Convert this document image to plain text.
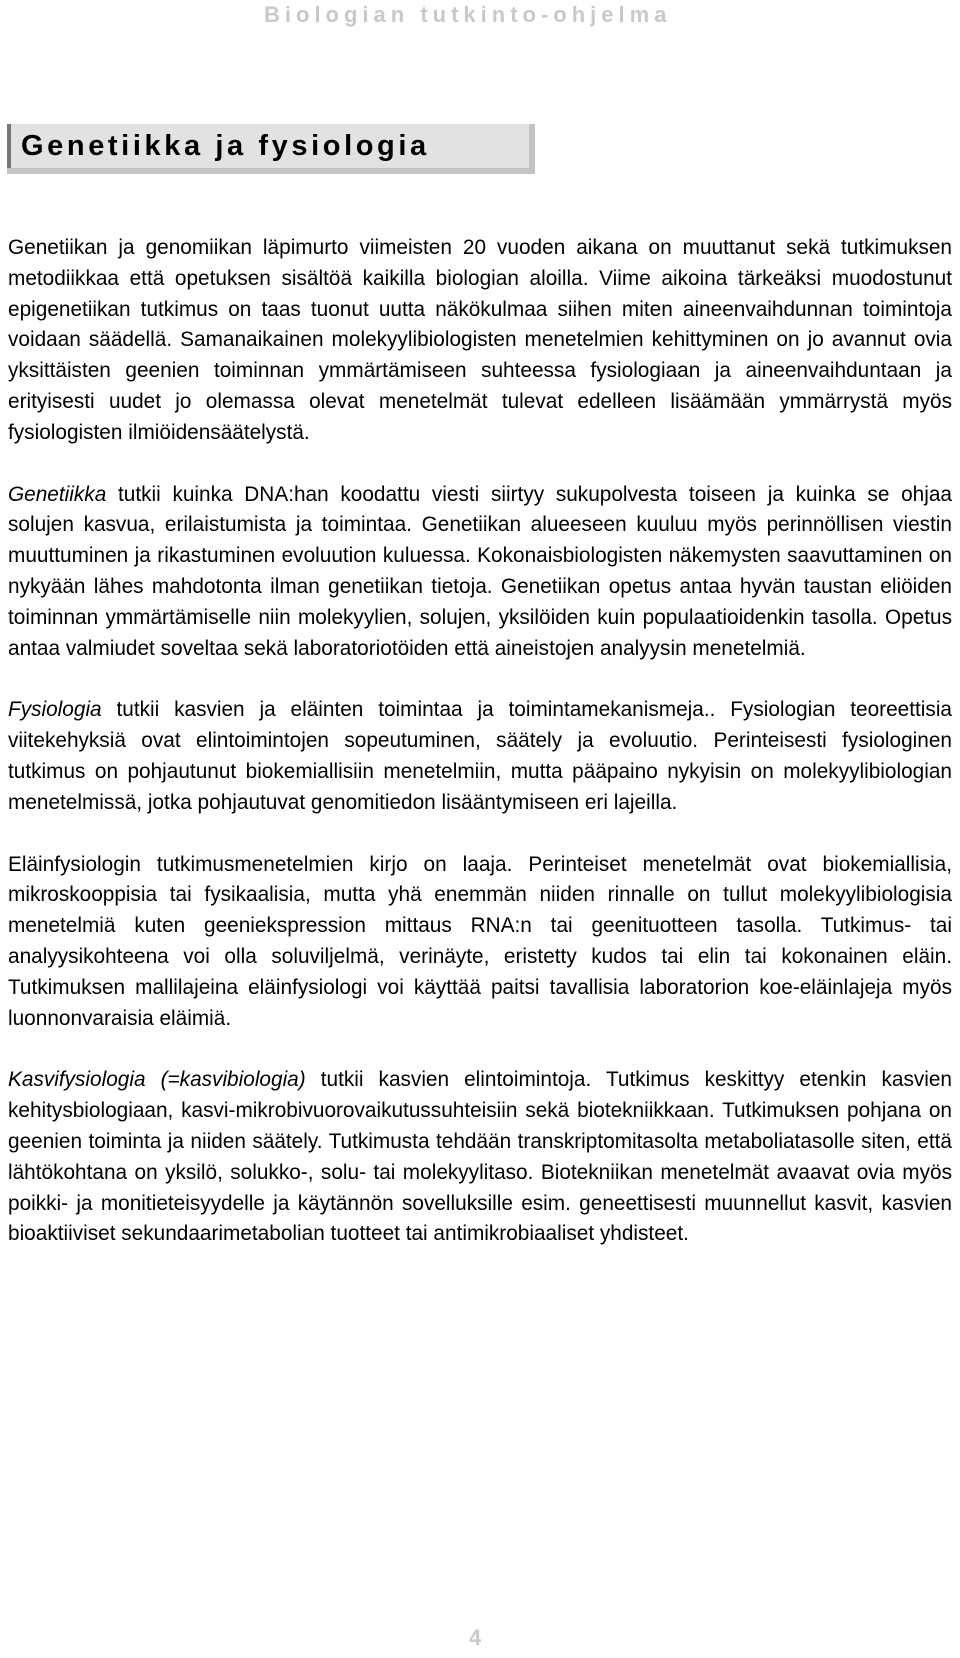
Biologian tutkinto-ohjelma
Genetiikka ja fysiologia

Genetiikan ja genomiikan läpimurto viimeisten 20 vuoden aikana on muuttanut sekä tutkimuksen metodiikkaa että opetuksen sisältöä kaikilla biologian aloilla. Viime aikoina tärkeäksi muodostunut epigenetiikan tutkimus on taas tuonut uutta näkökulmaa siihen miten aineenvaihdunnan toimintoja voidaan säädellä. Samanaikainen molekyylibiologisten menetelmien kehittyminen on jo avannut ovia yksittäisten geenien toiminnan ymmärtämiseen suhteessa fysiologiaan ja aineenvaihduntaan ja erityisesti uudet jo olemassa olevat menetelmät tulevat edelleen lisäämään ymmärrystä myös fysiologisten ilmiöidensäätelystä.

Genetiikka tutkii kuinka DNA:han koodattu viesti siirtyy sukupolvesta toiseen ja kuinka se ohjaa solujen kasvua, erilaistumista ja toimintaa. Genetiikan alueeseen kuuluu myös perinnöllisen viestin muuttuminen ja rikastuminen evoluution kuluessa. Kokonaisbiologisten näkemysten saavuttaminen on nykyään lähes mahdotonta ilman genetiikan tietoja. Genetiikan opetus antaa hyvän taustan eliöiden toiminnan ymmärtämiselle niin molekyylien, solujen, yksilöiden kuin populaatioidenkin tasolla. Opetus antaa valmiudet soveltaa sekä laboratoriotöiden että aineistojen analyysin menetelmiä.

Fysiologia tutkii kasvien ja eläinten toimintaa ja toimintamekanismeja.. Fysiologian teoreettisia viitekehyksiä ovat elintoimintojen sopeutuminen, säätely ja evoluutio. Perinteisesti fysiologinen tutkimus on pohjautunut biokemiallisiin menetelmiin, mutta pääpaino nykyisin on molekyylibiologian menetelmissä, jotka pohjautuvat genomitiedon lisääntymiseen eri lajeilla.

Eläinfysiologin tutkimusmenetelmien kirjo on laaja. Perinteiset menetelmät ovat biokemiallisia, mikroskooppisia tai fysikaalisia, mutta yhä enemmän niiden rinnalle on tullut molekyylibiologisia menetelmiä kuten geeniekspression mittaus RNA:n tai geenituotteen tasolla. Tutkimus- tai analyysikohteena voi olla soluviljelmä, verinäyte, eristetty kudos tai elin tai kokonainen eläin. Tutkimuksen mallilajeina eläinfysiologi voi käyttää paitsi tavallisia laboratorion koe-eläinlajeja myös luonnonvaraisia eläimiä.

Kasvifysiologia (=kasvibiologia) tutkii kasvien elintoimintoja. Tutkimus keskittyy etenkin kasvien kehitysbiologiaan, kasvi-mikrobivuorovaikutussuhteisiin sekä biotekniikkaan. Tutkimuksen pohjana on geenien toiminta ja niiden säätely. Tutkimusta tehdään transkriptomitasolta metaboliatasolle siten, että lähtökohtana on yksilö, solukko-, solu- tai molekyylitaso. Biotekniikan menetelmät avaavat ovia myös poikki- ja monitieteisyydelle ja käytännön sovelluksille esim. geneettisesti muunnellut kasvit, kasvien bioaktiiviset sekundaarimetabolian tuotteet tai antimikrobiaaliset yhdisteet.

4
